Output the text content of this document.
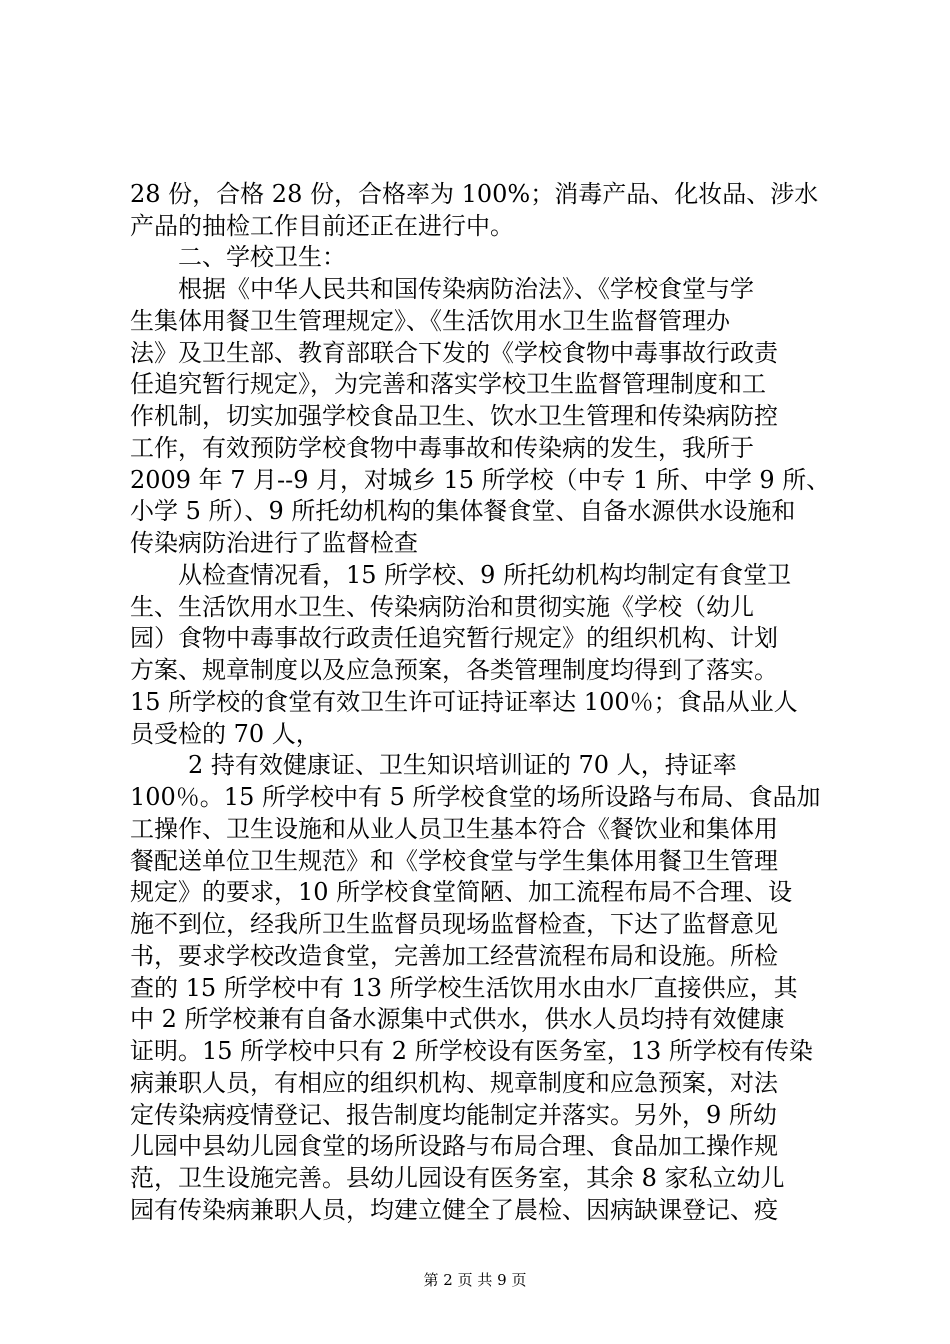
28 份，合格 28 份，合格率为 100%；消毒产品、化妆品、涉水
产品的抽检工作目前还正在进行中。
二、学校卫生：
根据《中华人民共和国传染病防治法》、《学校食堂与学
生集体用餐卫生管理规定》、《生活饮用水卫生监督管理办
法》及卫生部、教育部联合下发的《学校食物中毒事故行政责
任追究暂行规定》，为完善和落实学校卫生监督管理制度和工
作机制，切实加强学校食品卫生、饮水卫生管理和传染病防控
工作，有效预防学校食物中毒事故和传染病的发生，我所于
2009 年 7 月--9 月，对城乡 15 所学校（中专 1 所、中学 9 所、
小学 5 所）、9 所托幼机构的集体餐食堂、自备水源供水设施和
传染病防治进行了监督检查
从检查情况看，15 所学校、9 所托幼机构均制定有食堂卫
生、生活饮用水卫生、传染病防治和贯彻实施《学校（幼儿
园）食物中毒事故行政责任追究暂行规定》的组织机构、计划
方案、规章制度以及应急预案，各类管理制度均得到了落实。
15 所学校的食堂有效卫生许可证持证率达 100％；食品从业人
员受检的 70 人，
2 持有效健康证、卫生知识培训证的 70 人，持证率
100％。15 所学校中有 5 所学校食堂的场所设路与布局、食品加
工操作、卫生设施和从业人员卫生基本符合《餐饮业和集体用
餐配送单位卫生规范》和《学校食堂与学生集体用餐卫生管理
规定》的要求，10 所学校食堂简陋、加工流程布局不合理、设
施不到位，经我所卫生监督员现场监督检查，下达了监督意见
书，要求学校改造食堂，完善加工经营流程布局和设施。所检
查的 15 所学校中有 13 所学校生活饮用水由水厂直接供应，其
中 2 所学校兼有自备水源集中式供水，供水人员均持有效健康
证明。15 所学校中只有 2 所学校设有医务室，13 所学校有传染
病兼职人员，有相应的组织机构、规章制度和应急预案，对法
定传染病疫情登记、报告制度均能制定并落实。另外，9 所幼
儿园中县幼儿园食堂的场所设路与布局合理、食品加工操作规
范，卫生设施完善。县幼儿园设有医务室，其余 8 家私立幼儿
园有传染病兼职人员，均建立健全了晨检、因病缺课登记、疫
第 2 页 共 9 页
